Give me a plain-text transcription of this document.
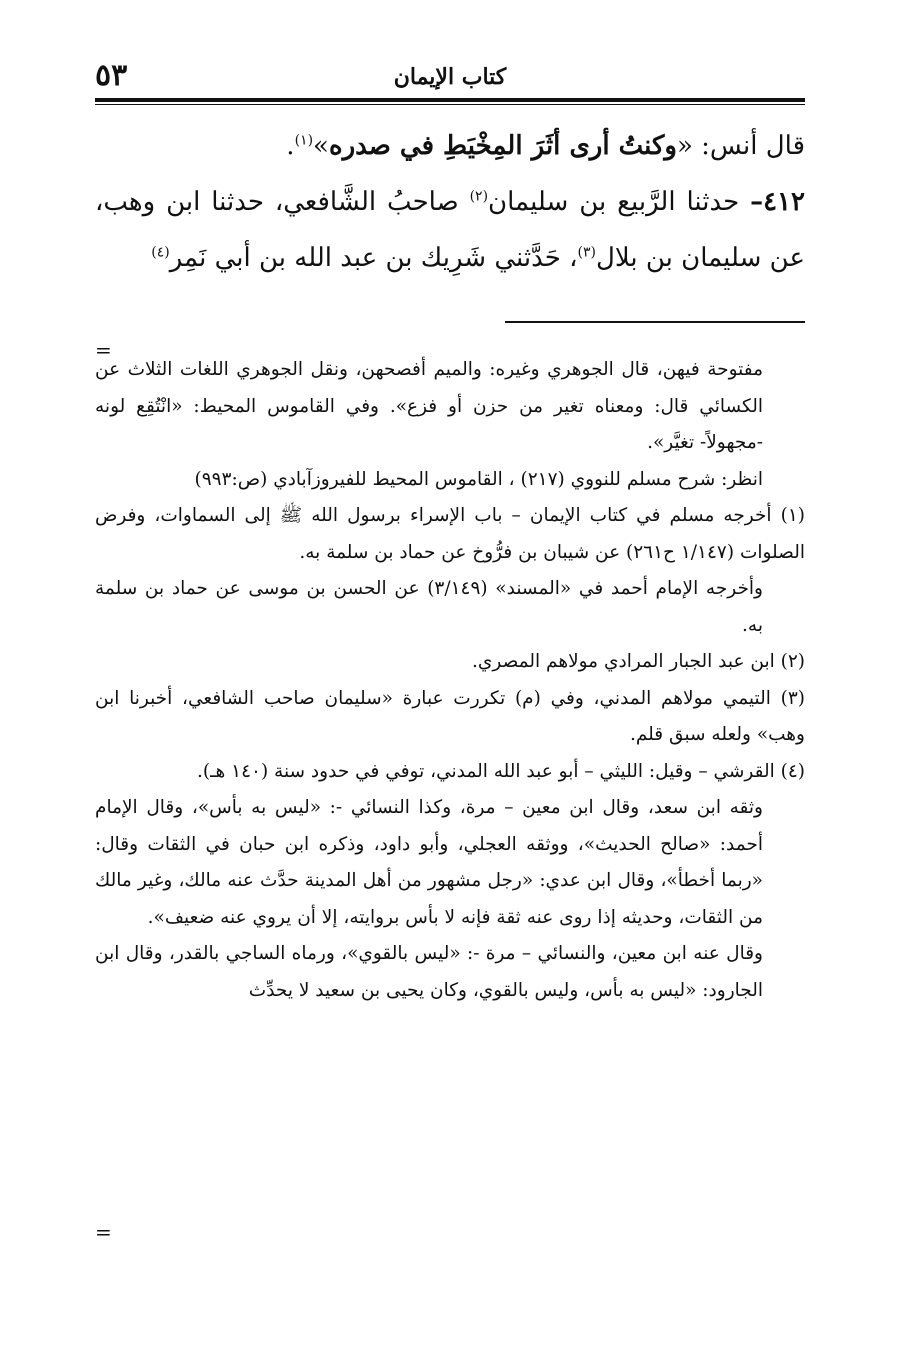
كتاب الإيمان
٥٣

قال أنس: «وكنتُ أرى أثَرَ المِخْيَطِ في صدره»$^{(١)}$.

٤١٢– حدثنا الرَّبيع بن سليمان$^{(٢)}$ صاحبُ الشَّافعي، حدثنا ابن وهب، عن سليمان بن بلال$^{(٣)}$، حَدَّثني شَرِيك بن عبد الله بن أبي نَمِر$^{(٤)}$

=

مفتوحة فيهن، قال الجوهري وغيره: والميم أفصحهن، ونقل الجوهري اللغات الثلاث عن الكسائي قال: ومعناه تغير من حزن أو فزع». وفي القاموس المحيط: «انْتُقِع لونه -مجهولاً- تغيَّر».

انظر: شرح مسلم للنووي (٢١٧) ، القاموس المحيط للفيروزآبادي (ص:٩٩٣)

(١) أخرجه مسلم في كتاب الإيمان – باب الإسراء برسول الله ﷺ إلى السماوات، وفرض الصلوات (١/١٤٧ ح٢٦١) عن شيبان بن فرُّوخ عن حماد بن سلمة به.

وأخرجه الإمام أحمد في «المسند» (٣/١٤٩) عن الحسن بن موسى عن حماد بن سلمة به.

(٢) ابن عبد الجبار المرادي مولاهم المصري.

(٣) التيمي مولاهم المدني، وفي (م) تكررت عبارة «سليمان صاحب الشافعي، أخبرنا ابن وهب» ولعله سبق قلم.

(٤) القرشي – وقيل: الليثي – أبو عبد الله المدني، توفي في حدود سنة (١٤٠ هـ).

وثقه ابن سعد، وقال ابن معين – مرة، وكذا النسائي -: «ليس به بأس»، وقال الإمام أحمد: «صالح الحديث»، ووثقه العجلي، وأبو داود، وذكره ابن حبان في الثقات وقال: «ربما أخطأ»، وقال ابن عدي: «رجل مشهور من أهل المدينة حدَّث عنه مالك، وغير مالك من الثقات، وحديثه إذا روى عنه ثقة فإنه لا بأس بروايته، إلا أن يروي عنه ضعيف».

وقال عنه ابن معين، والنسائي – مرة -: «ليس بالقوي»، ورماه الساجي بالقدر، وقال ابن الجارود: «ليس به بأس، وليس بالقوي، وكان يحيى بن سعيد لا يحدِّث

=
